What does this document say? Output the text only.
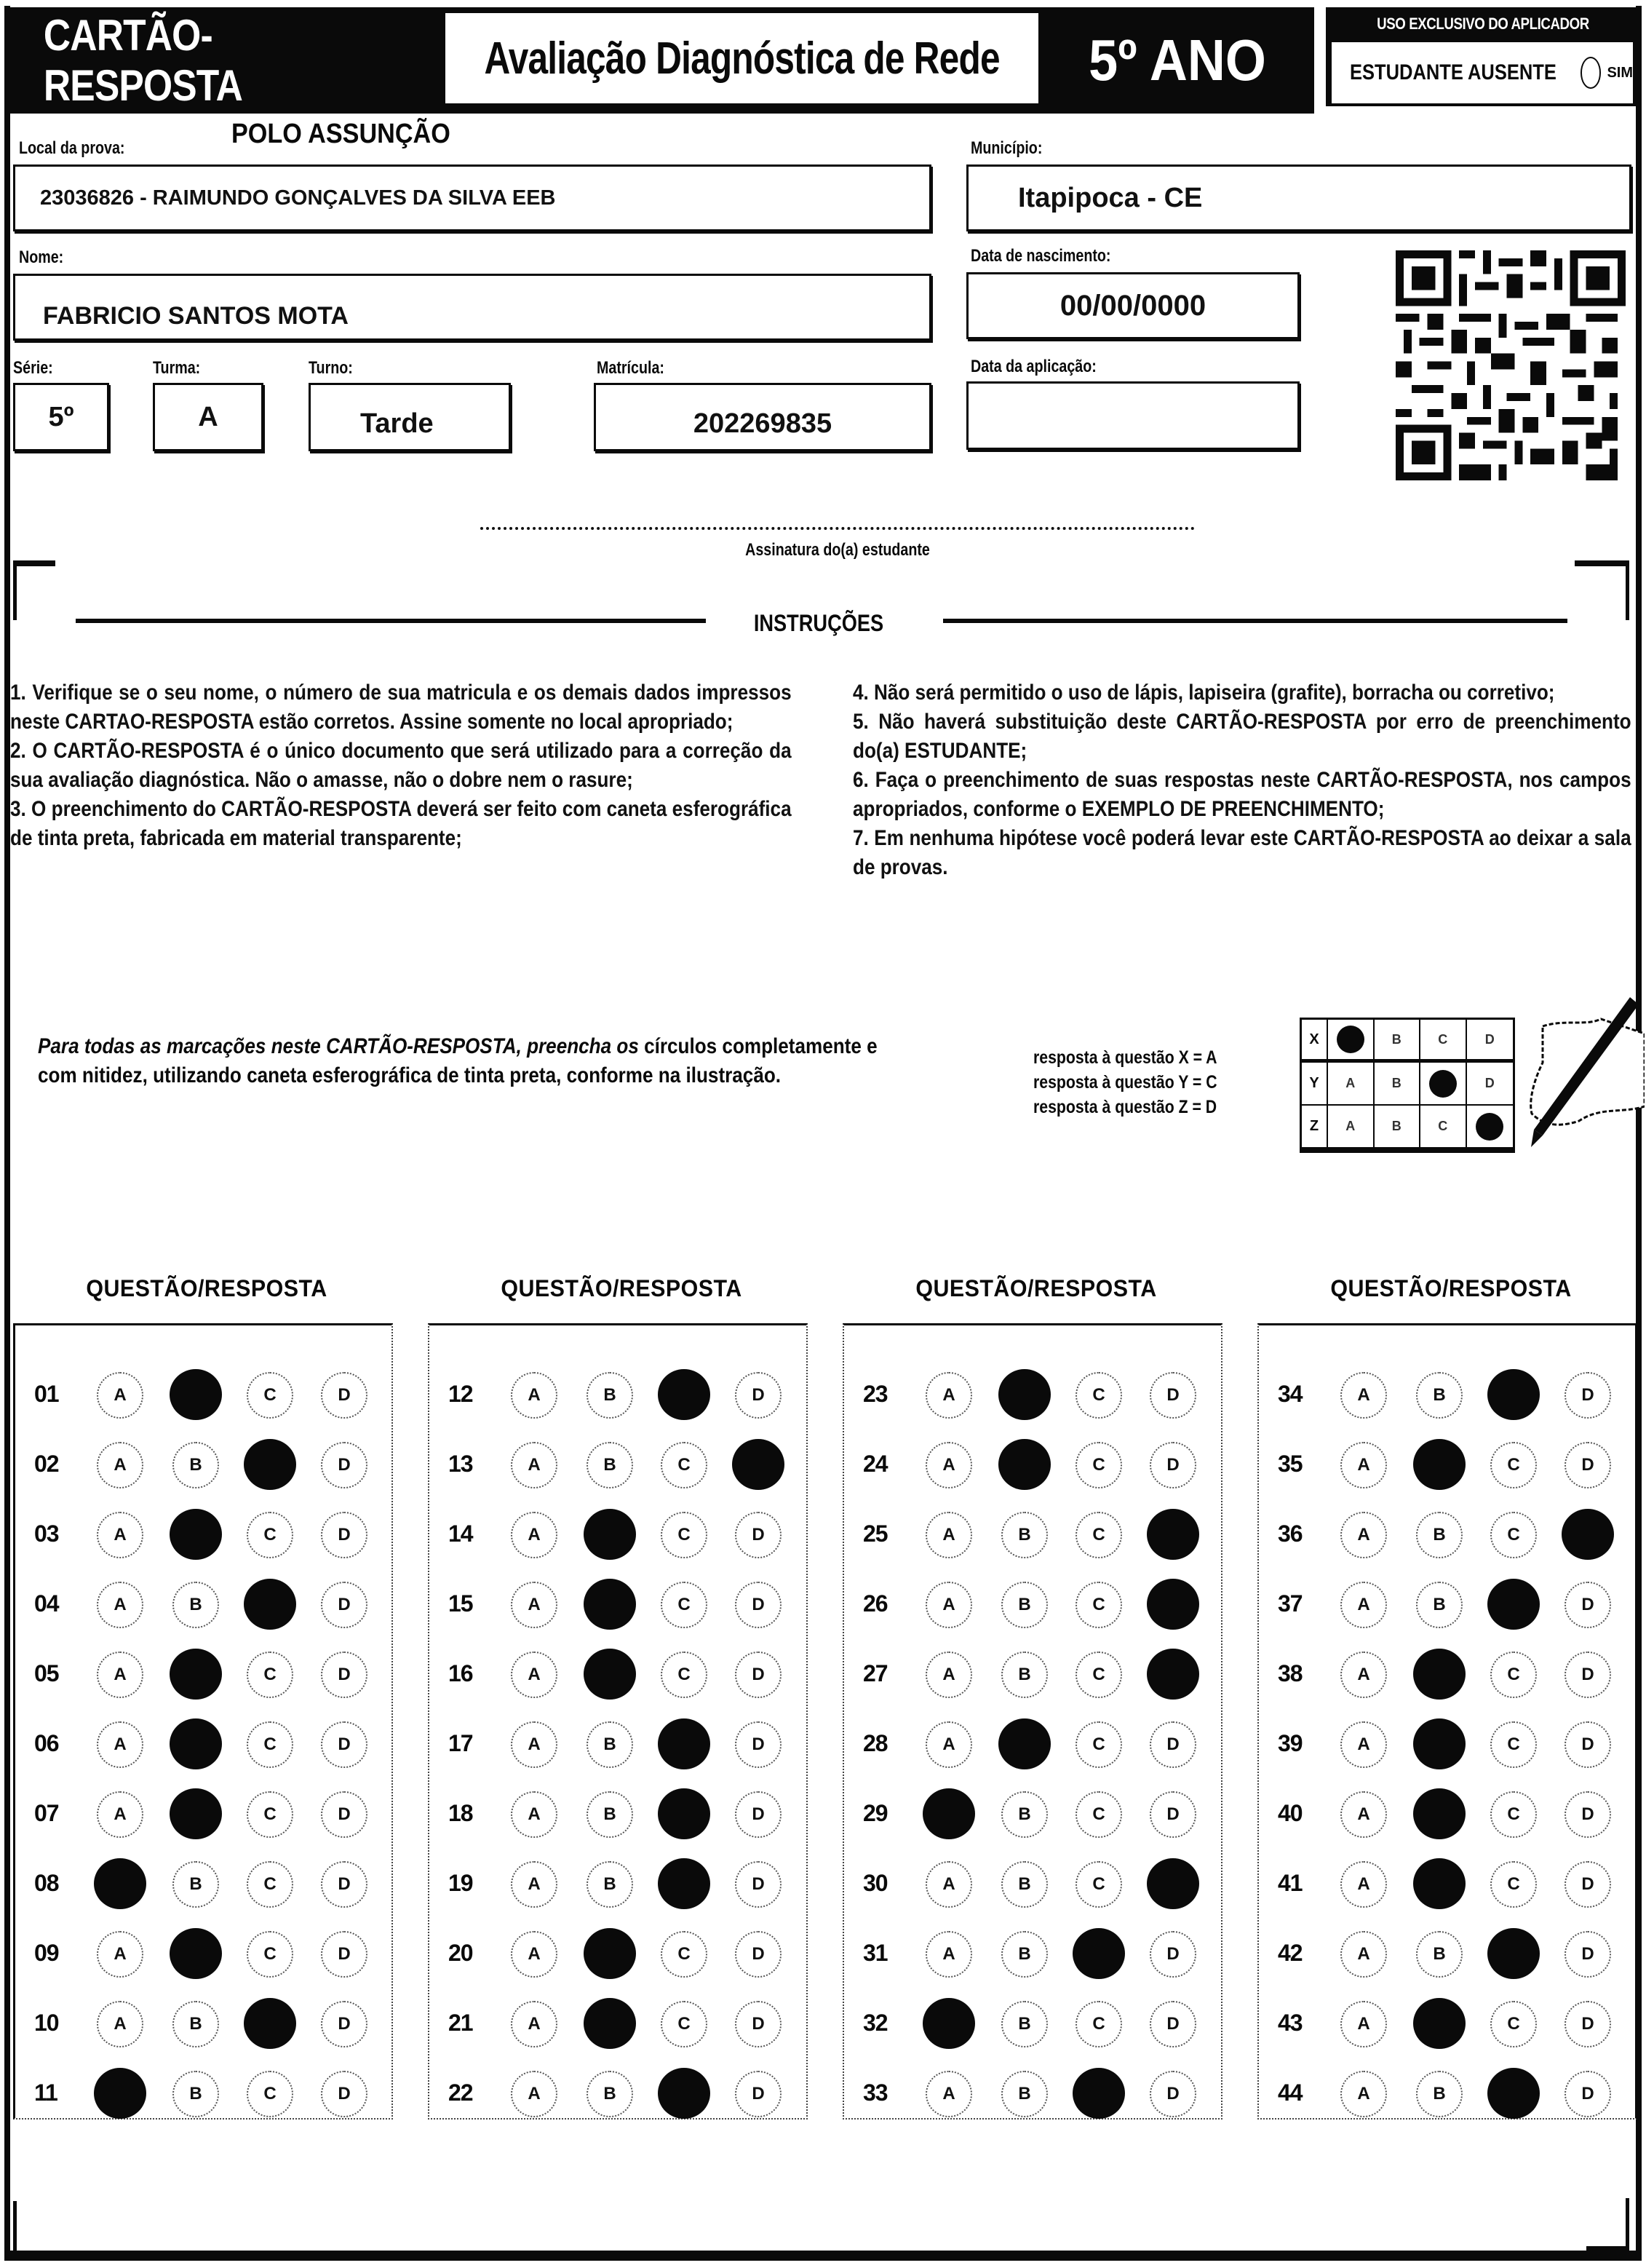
CARTÃO-RESPOSTA
Avaliação Diagnóstica de Rede	5º ANO
USO EXCLUSIVO DO APLICADOR
ESTUDANTE AUSENTE	SIM
Local da prova:	POLO ASSUNÇÃO
23036826 - RAIMUNDO GONÇALVES DA SILVA EEB
Município:
Itapipoca - CE
Nome:
FABRICIO SANTOS MOTA
Data de nascimento:
00/00/0000
Série:
5º
Turma:
A
Turno:
Tarde
Matrícula:
202269835
Data da aplicação:
Assinatura do(a) estudante
INSTRUÇÕES

1. Verifique se o seu nome, o número de sua matricula e os demais dados impressos neste CARTAO-RESPOSTA estão corretos. Assine somente no local apropriado;

2. O CARTÃO-RESPOSTA é o único documento que será utilizado para a correção da sua avaliação diagnóstica. Não o amasse, não o dobre nem o rasure;

3. O preenchimento do CARTÃO-RESPOSTA deverá ser feito com caneta esferográfica de tinta preta, fabricada em material transparente;

4. Não será permitido o uso de lápis, lapiseira (grafite), borracha ou corretivo;

5. Não haverá substituição deste CARTÃO-RESPOSTA por erro de preenchimento do(a) ESTUDANTE;

6. Faça o preenchimento de suas respostas neste CARTÃO-RESPOSTA, nos campos apropriados, conforme o EXEMPLO DE PREENCHIMENTO;

7. Em nenhuma hipótese você poderá levar este CARTÃO-RESPOSTA ao deixar a sala de provas.

Para todas as marcações neste CARTÃO-RESPOSTA, preencha os círculos completamente e com nitidez, utilizando caneta esferográfica de tinta preta, conforme na ilustração.
resposta à questão X = A
resposta à questão Y = C
resposta à questão Z = D
X	B	C	D
Y	A	B	D
Z	A	B	C
QUESTÃO/RESPOSTA
01	A	C	D
02	A	B	D
03	A	C	D
04	A	B	D
05	A	C	D
06	A	C	D
07	A	C	D
08	B	C	D
09	A	C	D
10	A	B	D
11	B	C	D
QUESTÃO/RESPOSTA
12	A	B	D
13	A	B	C
14	A	C	D
15	A	C	D
16	A	C	D
17	A	B	D
18	A	B	D
19	A	B	D
20	A	C	D
21	A	C	D
22	A	B	D
QUESTÃO/RESPOSTA
23	A	C	D
24	A	C	D
25	A	B	C
26	A	B	C
27	A	B	C
28	A	C	D
29	B	C	D
30	A	B	C
31	A	B	D
32	B	C	D
33	A	B	D
QUESTÃO/RESPOSTA
34	A	B	D
35	A	C	D
36	A	B	C
37	A	B	D
38	A	C	D
39	A	C	D
40	A	C	D
41	A	C	D
42	A	B	D
43	A	C	D
44	A	B	D
